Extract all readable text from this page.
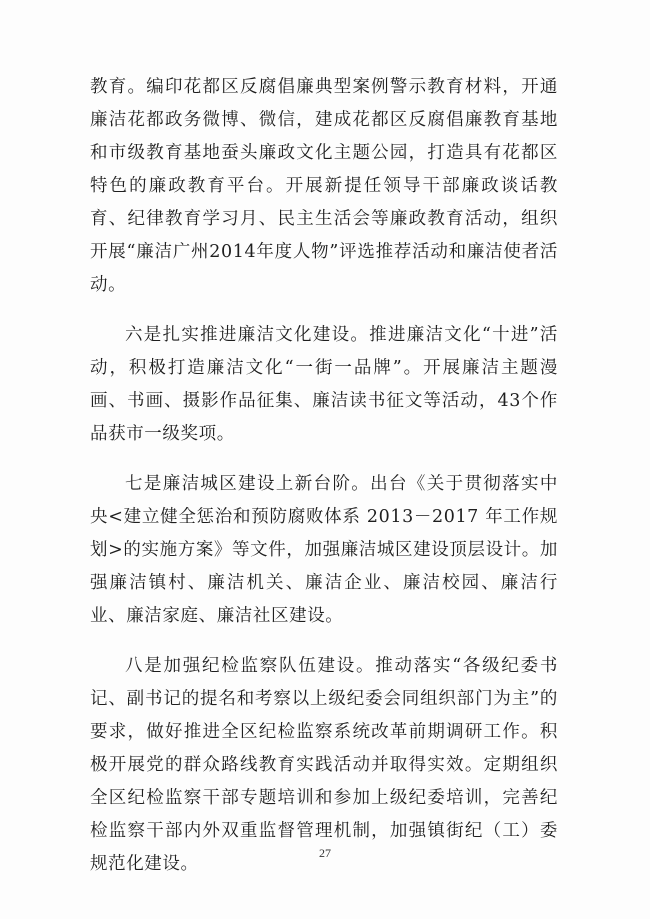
教育。编印花都区反腐倡廉典型案例警示教育材料，开通廉洁花都政务微博、微信，建成花都区反腐倡廉教育基地和市级教育基地蚕头廉政文化主题公园，打造具有花都区特色的廉政教育平台。开展新提任领导干部廉政谈话教育、纪律教育学习月、民主生活会等廉政教育活动，组织开展“廉洁广州2014年度人物”评选推荐活动和廉洁使者活动。

六是扎实推进廉洁文化建设。推进廉洁文化“十进”活动，积极打造廉洁文化“一街一品牌”。开展廉洁主题漫画、书画、摄影作品征集、廉洁读书征文等活动，43个作品获市一级奖项。

七是廉洁城区建设上新台阶。出台《关于贯彻落实中央<建立健全惩治和预防腐败体系 2013－2017 年工作规划>的实施方案》等文件，加强廉洁城区建设顶层设计。加强廉洁镇村、廉洁机关、廉洁企业、廉洁校园、廉洁行业、廉洁家庭、廉洁社区建设。

八是加强纪检监察队伍建设。推动落实“各级纪委书记、副书记的提名和考察以上级纪委会同组织部门为主”的要求，做好推进全区纪检监察系统改革前期调研工作。积极开展党的群众路线教育实践活动并取得实效。定期组织全区纪检监察干部专题培训和参加上级纪委培训，完善纪检监察干部内外双重监督管理机制，加强镇街纪（工）委规范化建设。

27
